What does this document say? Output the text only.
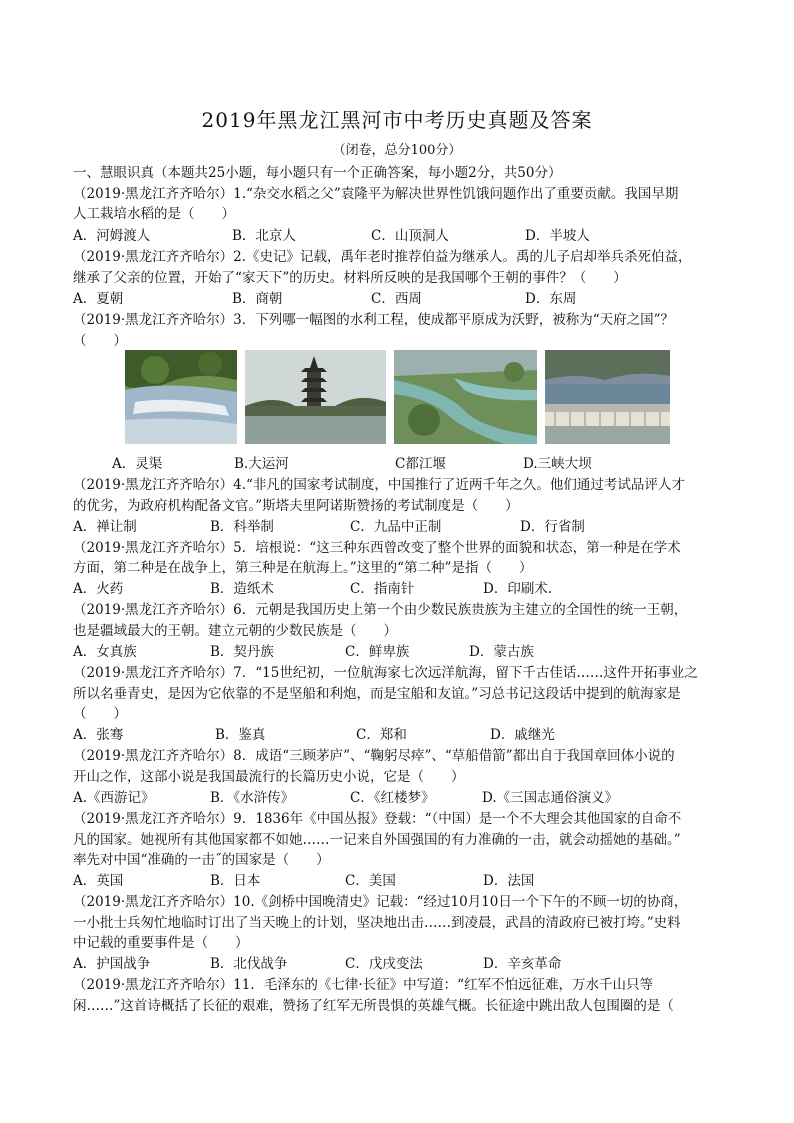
2019年黑龙江黑河市中考历史真题及答案
（闭卷，总分100分）
一、慧眼识真（本题共25小题，每小题只有一个正确答案，每小题2分，共50分）
（2019·黑龙江齐齐哈尔）1.“杂交水稻之父”袁隆平为解决世界性饥饿问题作出了重要贡献。我国早期
人工栽培水稻的是（　　）
A．河姆渡人	B．北京人	C．山顶洞人	D．半坡人
（2019·黑龙江齐齐哈尔）2.《史记》记载，禹年老时推荐伯益为继承人。禹的儿子启却举兵杀死伯益，
继承了父亲的位置，开始了“家天下”的历史。材料所反映的是我国哪个王朝的事件？（　　）
A．夏朝	B．商朝	C．西周	D．东周
（2019·黑龙江齐齐哈尔）3．下列哪一幅图的水利工程，使成都平原成为沃野，被称为“天府之国”？
（　　）
A．灵渠	B.大运河	C都江堰	D.三峡大坝
（2019·黑龙江齐齐哈尔）4.“非凡的国家考试制度，中国推行了近两千年之久。他们通过考试品评人才
的优劣，为政府机构配备文官。”斯塔夫里阿诺斯赞扬的考试制度是（　　）
A．禅让制	B．科举制	C．九品中正制	D．行省制
（2019·黑龙江齐齐哈尔）5．培根说：“这三种东西曾改变了整个世界的面貌和状态，第一种是在学术
方面，第二种是在战争上，第三种是在航海上。”这里的“第二种”是指（　　）
A．火药	B．造纸术	C．指南针	D．印刷术.
（2019·黑龙江齐齐哈尔）6．元朝是我国历史上第一个由少数民族贵族为主建立的全国性的统一王朝，
也是疆域最大的王朝。建立元朝的少数民族是（　　）
A．女真族	B．契丹族	C．鲜卑族	D．蒙古族
（2019·黑龙江齐齐哈尔）7．“15世纪初，一位航海家七次远洋航海，留下千古佳话……这件开拓事业之
所以名垂青史，是因为它依靠的不是坚船和利炮，而是宝船和友谊。”习总书记这段话中提到的航海家是
（　　）
A．张骞	B．鉴真	C．郑和	D．戚继光
（2019·黑龙江齐齐哈尔）8．成语“三顾茅庐”、“鞠躬尽瘁”、“草船借箭”都出自于我国章回体小说的
开山之作，这部小说是我国最流行的长篇历史小说，它是（　　）
A.《西游记》	B．《水浒传》	C．《红楼梦》	D.《三国志通俗演义》
（2019·黑龙江齐齐哈尔）9．1836年《中国丛报》登载：“（中国）是一个不大理会其他国家的自命不
凡的国家。她视所有其他国家都不如她……一记来自外国强国的有力准确的一击，就会动摇她的基础。”
率先对中国“准确的一击˝的国家是（　　）
A．英国	B．日本	C．美国	D．法国
（2019·黑龙江齐齐哈尔）10.《剑桥中国晚清史》记载：“经过10月10日一个下午的不顾一切的协商，
一小批士兵匆忙地临时订出了当天晚上的计划，坚决地出击……到凌晨，武昌的清政府已被打垮。”史料
中记载的重要事件是（　　）
A．护国战争	B．北伐战争	C．戊戌变法	D．辛亥革命
（2019·黑龙江齐齐哈尔）11．毛泽东的《七律·长征》中写道：“红军不怕远征难，万水千山只等
闲……”这首诗概括了长征的艰难，赞扬了红军无所畏惧的英雄气概。长征途中跳出敌人包围圈的是（
